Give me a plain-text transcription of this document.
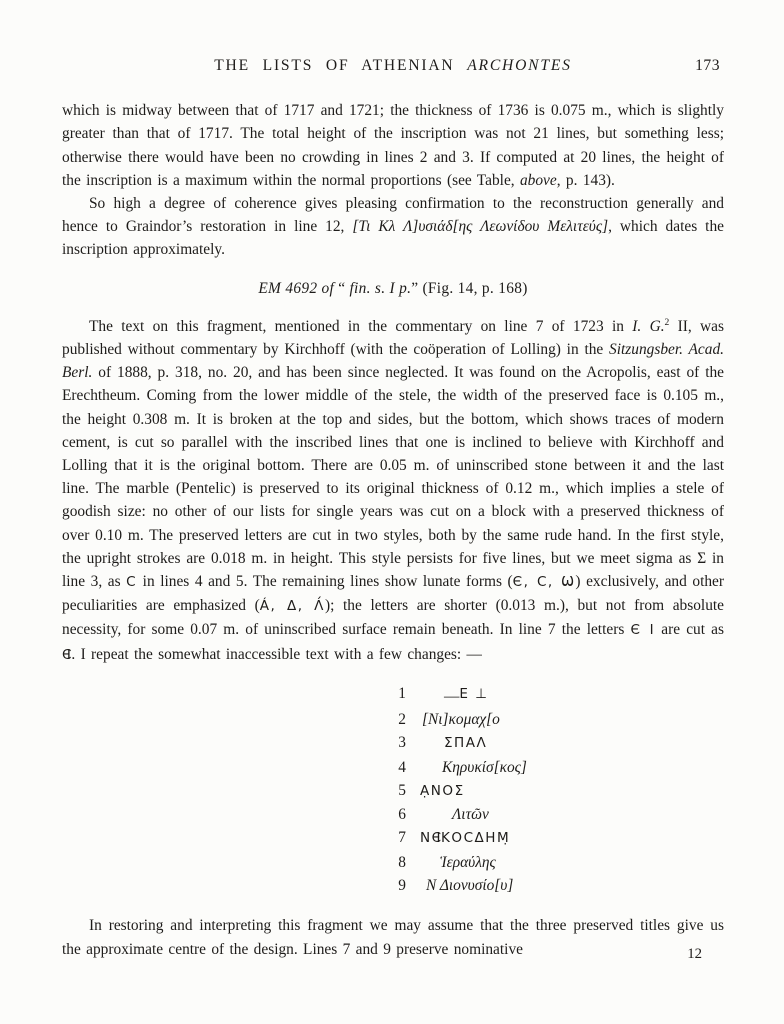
THE LISTS OF ATHENIAN ARCHONTES	173

which is midway between that of 1717 and 1721; the thickness of 1736 is 0.075 m., which is slightly greater than that of 1717. The total height of the inscription was not 21 lines, but something less; otherwise there would have been no crowding in lines 2 and 3. If computed at 20 lines, the height of the inscription is a maximum within the normal proportions (see Table, above, p. 143).

So high a degree of coherence gives pleasing confirmation to the reconstruction generally and hence to Graindor’s restoration in line 12, [Τι Κλ Λ]υσιάδ[ης Λεωνίδου Μελιτεύς], which dates the inscription approximately.

EM 4692 of “ fin. s. I p.” (Fig. 14, p. 168)

The text on this fragment, mentioned in the commentary on line 7 of 1723 in I. G.$^2$ II, was published without commentary by Kirchhoff (with the coöperation of Lolling) in the Sitzungsber. Acad. Berl. of 1888, p. 318, no. 20, and has been since neglected. It was found on the Acropolis, east of the Erechtheum. Coming from the lower middle of the stele, the width of the preserved face is 0.105 m., the height 0.308 m. It is broken at the top and sides, but the bottom, which shows traces of modern cement, is cut so parallel with the inscribed lines that one is inclined to believe with Kirchhoff and Lolling that it is the original bottom. There are 0.05 m. of uninscribed stone between it and the last line. The marble (Pentelic) is preserved to its original thickness of 0.12 m., which implies a stele of goodish size: no other of our lists for single years was cut on a block with a preserved thickness of over 0.10 m. The preserved letters are cut in two styles, both by the same rude hand. In the first style, the upright strokes are 0.018 m. in height. This style persists for five lines, but we meet sigma as Σ in line 3, as C in lines 4 and 5. The remaining lines show lunate forms (Є, C, Ѡ) exclusively, and other peculiarities are emphasized (Á, Δ, Ʌ́); the letters are shorter (0.013 m.), but not from absolute necessity, for some 0.07 m. of uninscribed surface remain beneath. In line 7 the letters Є Ι are cut as ЄΙ . I repeat the somewhat inaccessible text with a few changes: —

1	—E ⊥
2	[Νι]κομαχ[ο
3	ΣΠΑΛ
4	Κηρυκίσ[κος]
5	ẠΝΟΣ
6	Λιτῶν
7	ΝЄΙ ΚΟϹΔΗΜ̣
8	Ἱεραύλης
9	Ν Διονυσίο[υ]

In restoring and interpreting this fragment we may assume that the three preserved titles give us the approximate centre of the design. Lines 7 and 9 preserve nominative	12
